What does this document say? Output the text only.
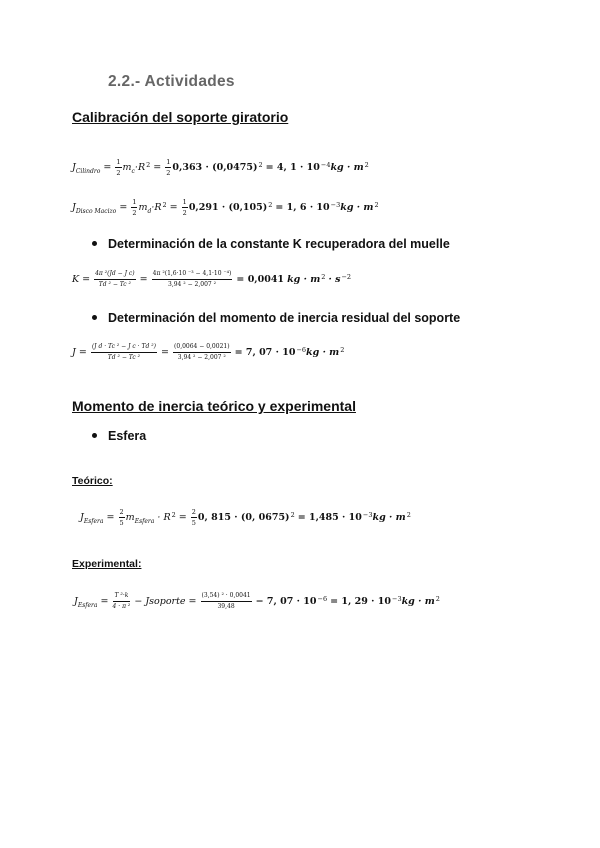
2.2.- Actividades
Calibración del soporte giratorio
$J_{Cilindro} = \frac{1}{2} m_c\cdot R^2 = \frac{1}{2} 0,363 \cdot (0,0475)^2 = 4$, $1 \cdot 10^{-4}kg \cdot m^2$
$J_{Disco Macizo} = \frac{1}{2} m_d\cdot R^2 = \frac{1}{2} 0,291 \cdot (0,105)^2 = 1$, $6 \cdot 10^{-3}kg \cdot m^2$
Determinación de la constante K recuperadora del muelle
$K = \frac{\text{4π ²(Jd − J c)}}{\text{Td ² − Tc ²}} = \frac{\text{4π ²(1,6·10 ⁻³ − 4,1·10 ⁻⁴)}}{\text{3,94 ² − 2,007 ²}} = 0,0041$ kg · $m^2 \cdot s^{-2}$
Determinación del momento de inercia residual del soporte
$J = \frac{\text{(J d · Tc ² − J c · Td ²)}}{\text{Td ² − Tc ²}} = \frac{(0,0064 - 0,0021)}{\text{3,94 ² − 2,007 ²}} = 7$, $07 \cdot 10^{-6}kg \cdot m^2$
Momento de inercia teórico y experimental
Esfera
Teórico:
$J_{Esfera} = \frac{2}{5} m_{Esfera} \cdot R^2 = \frac{2}{5} 0$, 815 · (0, $0675)^2 = 1,485 \cdot 10^{-3}kg \cdot m^2$
Experimental:
$J_{Esfera} = \frac{\text{T ²·k}}{\text{4 · π ²}}$ − Jsoporte = $\frac{\text{(3,54) ² · 0,0041}}{39,48} - 7$, $07 \cdot 10^{-6} = 1$, $29 \cdot 10^{-3}kg \cdot m^2$
